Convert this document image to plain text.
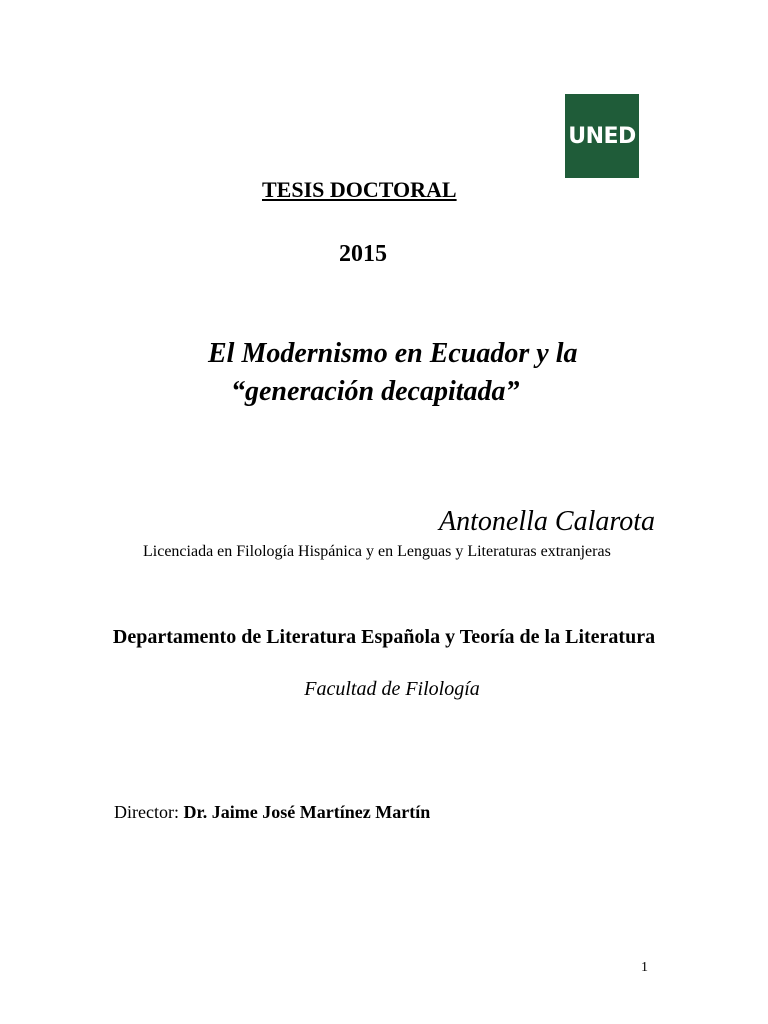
UNED
TESIS DOCTORAL
2015
El Modernismo en Ecuador y la
“generación decapitada”
Antonella Calarota
Licenciada en Filología Hispánica y en Lenguas y Literaturas extranjeras
Departamento de Literatura Española y Teoría de la Literatura
Facultad de Filología
Director: Dr. Jaime José Martínez Martín
1
